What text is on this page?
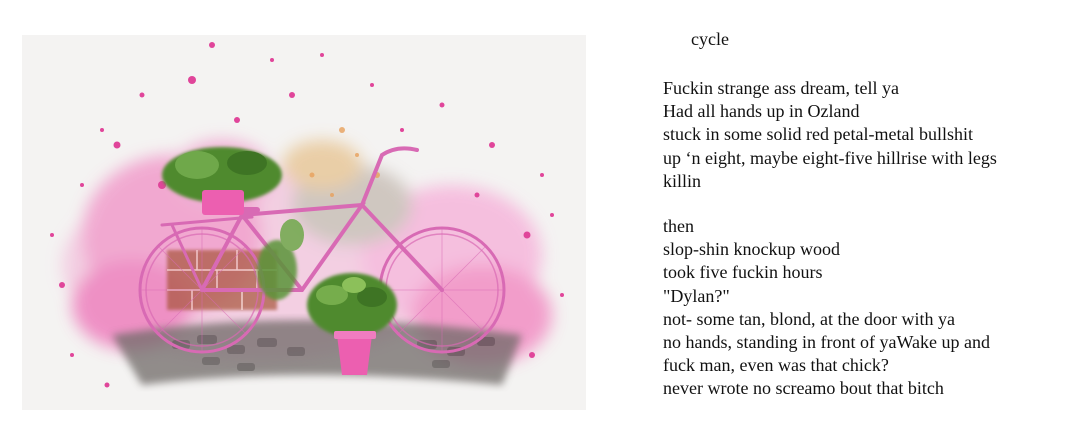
cycle
Fuckin strange ass dream, tell ya
Had all hands up in Ozland
stuck in some solid red petal-metal bullshit
up ‘n eight, maybe eight-five hillrise with legs
killin
then
slop-shin knockup wood
took five fuckin hours
"Dylan?"
not- some tan, blond, at the door with ya
no hands, standing in front of yaWake up and
fuck man, even was that chick?
never wrote no screamo bout that bitch
